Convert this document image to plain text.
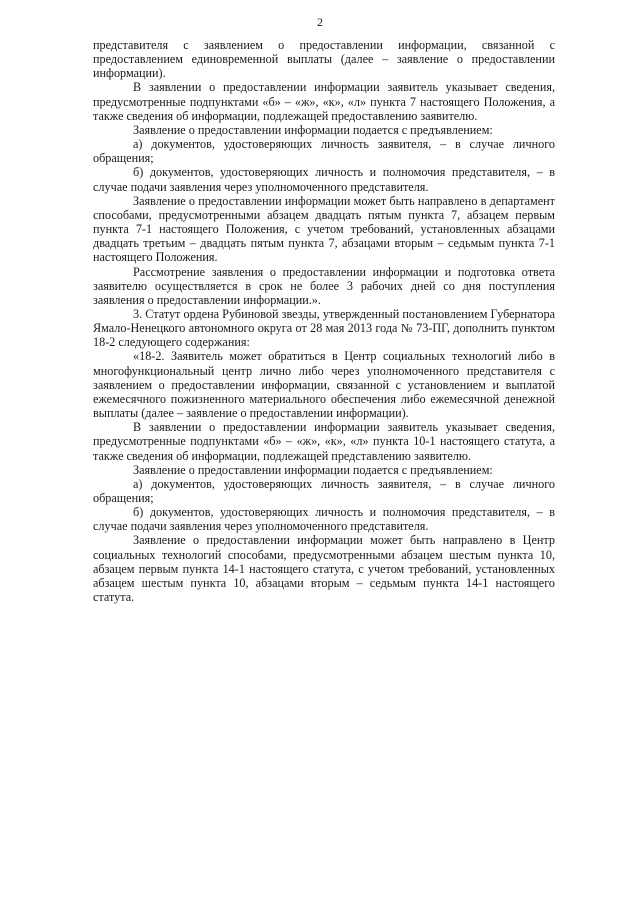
2

представителя с заявлением о предоставлении информации, связанной с предоставлением единовременной выплаты (далее – заявление о предоставлении информации).

В заявлении о предоставлении информации заявитель указывает сведения, предусмотренные подпунктами «б» – «ж», «к», «л» пункта 7 настоящего Положения, а также сведения об информации, подлежащей предоставлению заявителю.

Заявление о предоставлении информации подается с предъявлением:

а) документов, удостоверяющих личность заявителя, – в случае личного обращения;

б) документов, удостоверяющих личность и полномочия представителя, – в случае подачи заявления через уполномоченного представителя.

Заявление о предоставлении информации может быть направлено в департамент способами, предусмотренными абзацем двадцать пятым пункта 7, абзацем первым пункта 7-1 настоящего Положения, с учетом требований, установленных абзацами двадцать третьим – двадцать пятым пункта 7, абзацами вторым – седьмым пункта 7-1 настоящего Положения.

Рассмотрение заявления о предоставлении информации и подготовка ответа заявителю осуществляется в срок не более 3 рабочих дней со дня поступления заявления о предоставлении информации.».

3. Статут ордена Рубиновой звезды, утвержденный постановлением Губернатора Ямало-Ненецкого автономного округа от 28 мая 2013 года № 73-ПГ, дополнить пунктом 18-2 следующего содержания:

«18-2. Заявитель может обратиться в Центр социальных технологий либо в многофункциональный центр лично либо через уполномоченного представителя с заявлением о предоставлении информации, связанной с установлением и выплатой ежемесячного пожизненного материального обеспечения либо ежемесячной денежной выплаты (далее – заявление о предоставлении информации).

В заявлении о предоставлении информации заявитель указывает сведения, предусмотренные подпунктами «б» – «ж», «к», «л» пункта 10-1 настоящего статута, а также сведения об информации, подлежащей представлению заявителю.

Заявление о предоставлении информации подается с предъявлением:

а) документов, удостоверяющих личность заявителя, – в случае личного обращения;

б) документов, удостоверяющих личность и полномочия представителя, – в случае подачи заявления через уполномоченного представителя.

Заявление о предоставлении информации может быть направлено в Центр социальных технологий способами, предусмотренными абзацем шестым пункта 10, абзацем первым пункта 14-1 настоящего статута, с учетом требований, установленных абзацем шестым пункта 10, абзацами вторым – седьмым пункта 14-1 настоящего статута.
